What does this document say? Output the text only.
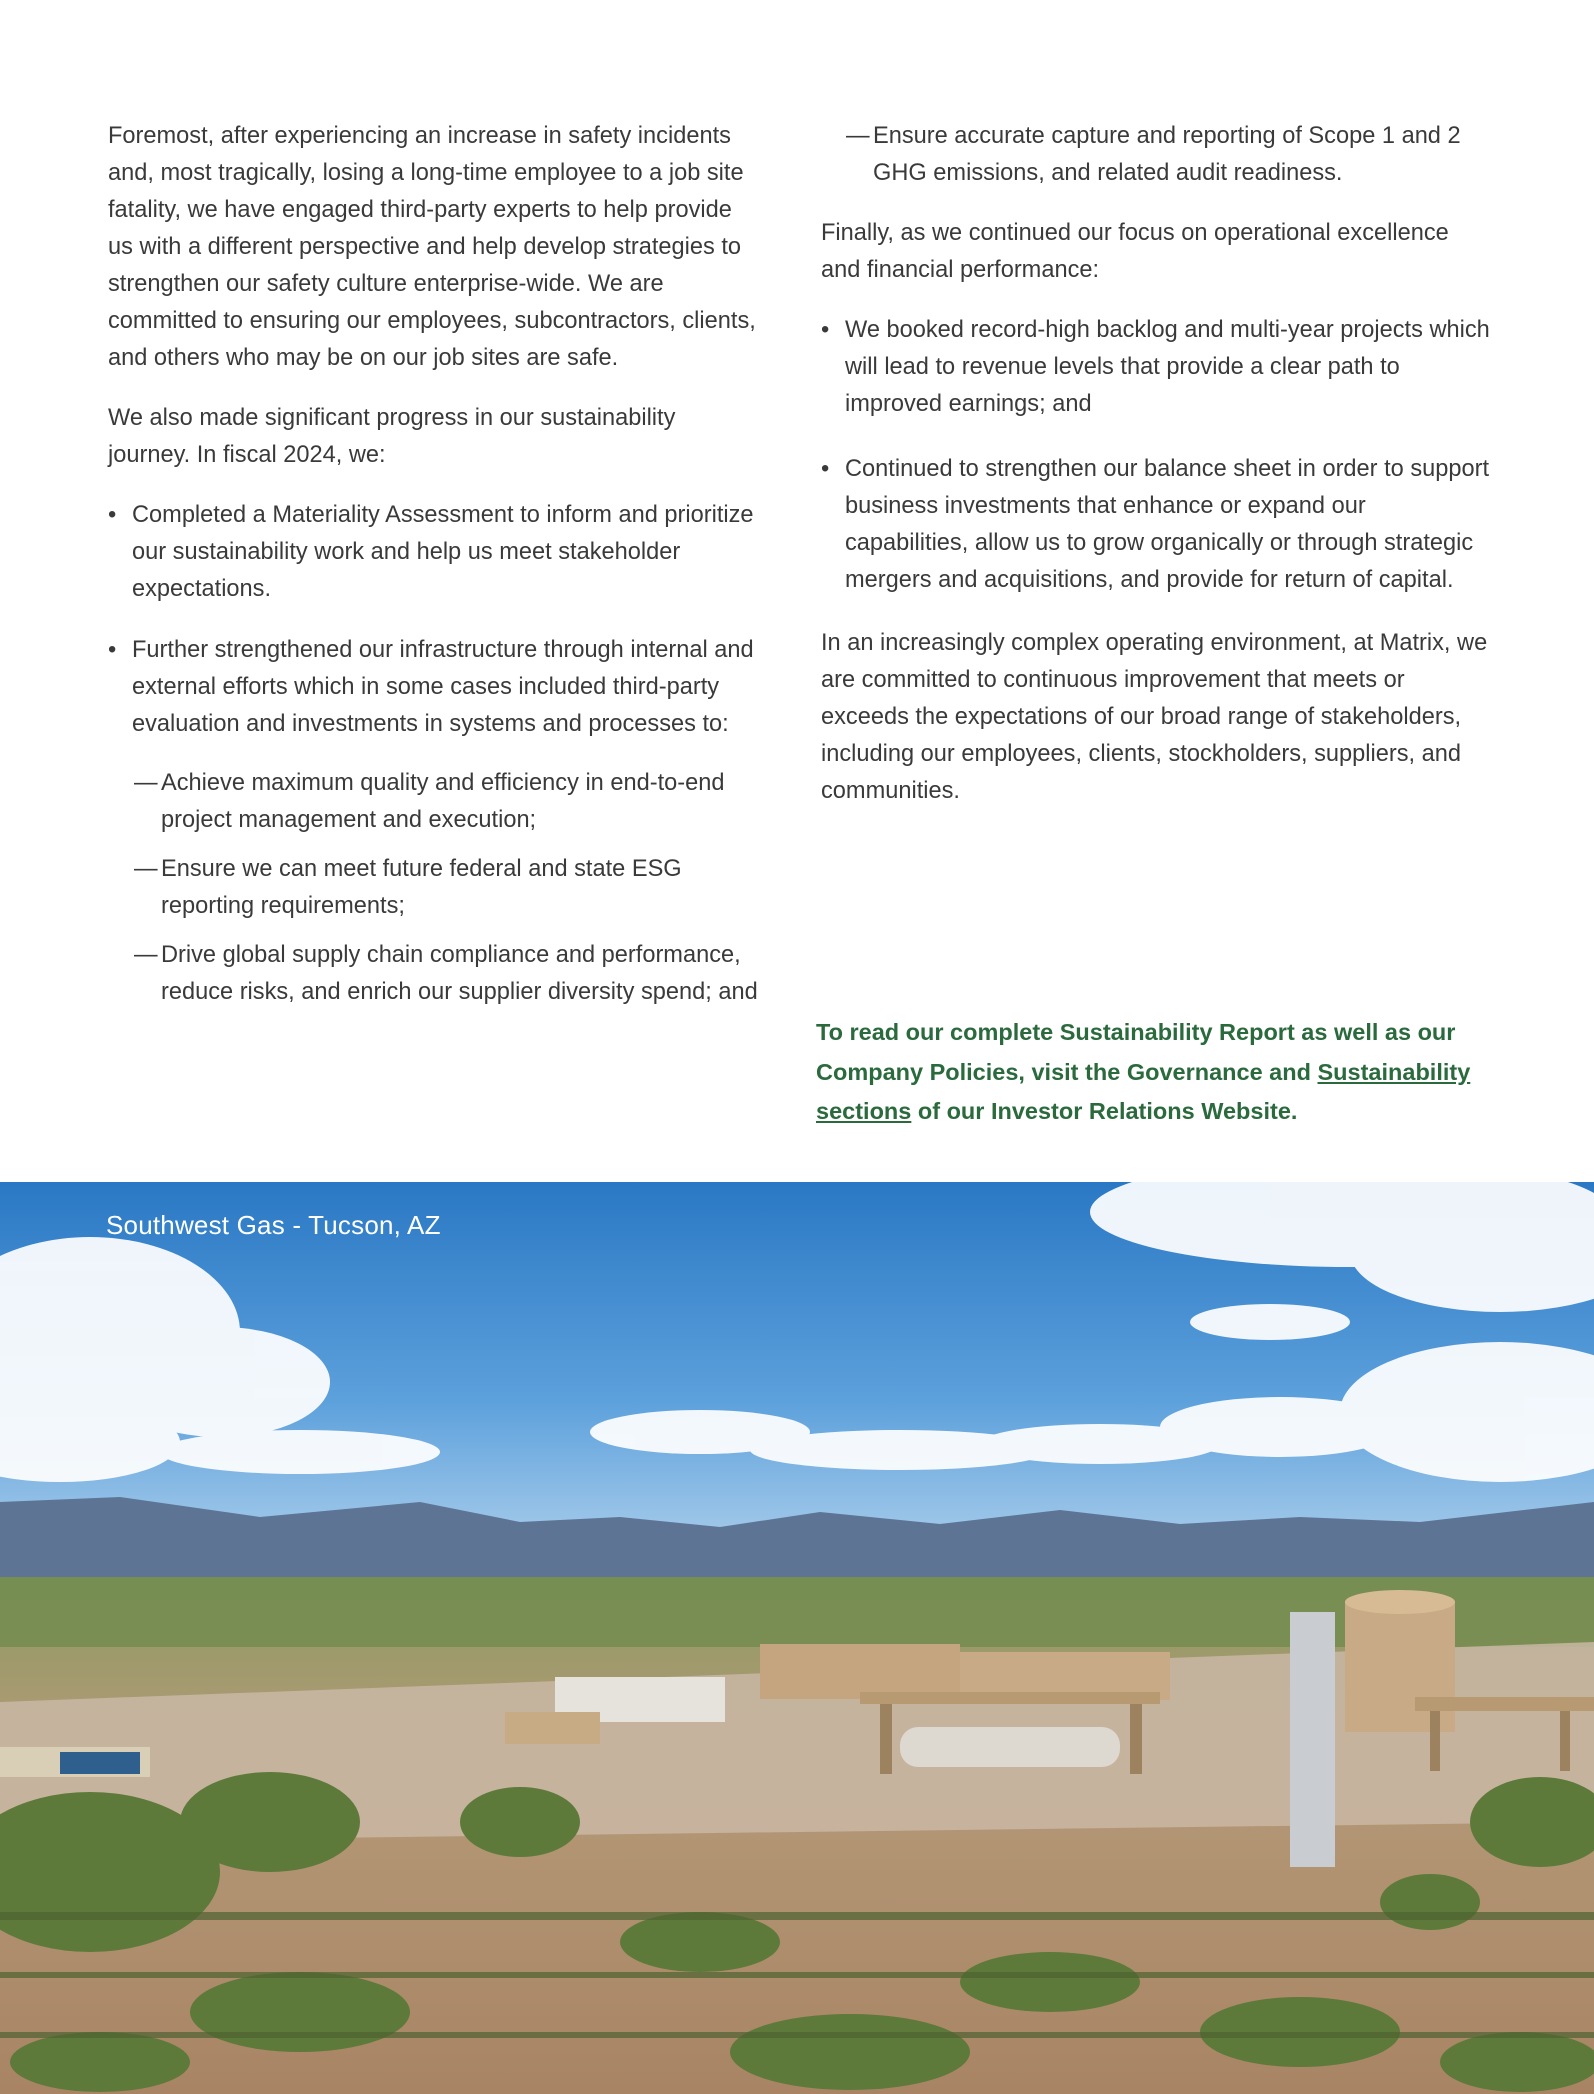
Foremost, after experiencing an increase in safety incidents and, most tragically, losing a long-time employee to a job site fatality, we have engaged third-party experts to help provide us with a different perspective and help develop strategies to strengthen our safety culture enterprise-wide. We are committed to ensuring our employees, subcontractors, clients, and others who may be on our job sites are safe.

We also made significant progress in our sustainability journey. In fiscal 2024, we:

• Completed a Materiality Assessment to inform and prioritize our sustainability work and help us meet stakeholder expectations.
• Further strengthened our infrastructure through internal and external efforts which in some cases included third-party evaluation and investments in systems and processes to:
— Achieve maximum quality and efficiency in end-to-end project management and execution;
— Ensure we can meet future federal and state ESG reporting requirements;
— Drive global supply chain compliance and performance, reduce risks, and enrich our supplier diversity spend; and
— Ensure accurate capture and reporting of Scope 1 and 2 GHG emissions, and related audit readiness.

Finally, as we continued our focus on operational excellence and financial performance:

• We booked record-high backlog and multi-year projects which will lead to revenue levels that provide a clear path to improved earnings; and
• Continued to strengthen our balance sheet in order to support business investments that enhance or expand our capabilities, allow us to grow organically or through strategic mergers and acquisitions, and provide for return of capital.

In an increasingly complex operating environment, at Matrix, we are committed to continuous improvement that meets or exceeds the expectations of our broad range of stakeholders, including our employees, clients, stockholders, suppliers, and communities.

To read our complete Sustainability Report as well as our Company Policies, visit the Governance and Sustainability sections of our Investor Relations Website.
Southwest Gas - Tucson, AZ
